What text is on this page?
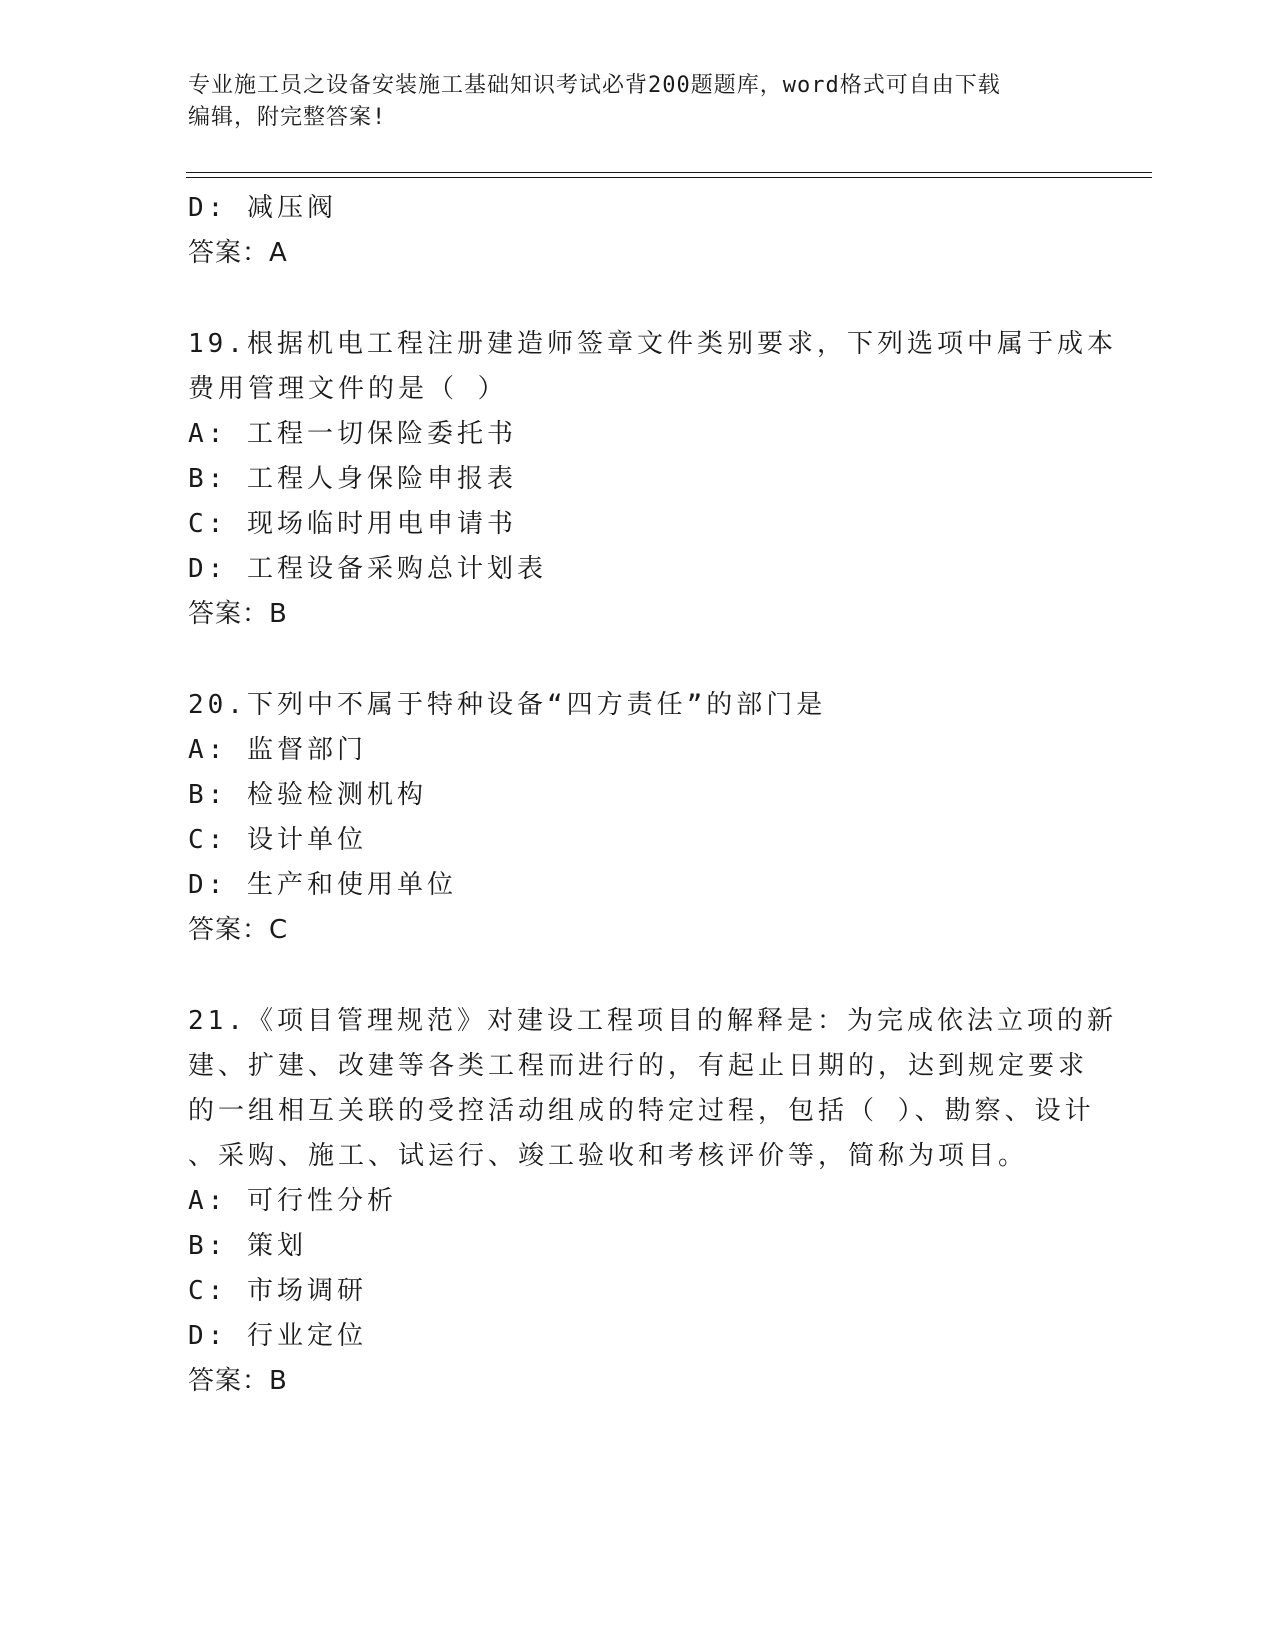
专业施工员之设备安装施工基础知识考试必背200题题库，word格式可自由下载
编辑，附完整答案!
D: 减压阀
答案：A
19.根据机电工程注册建造师签章文件类别要求，下列选项中属于成本
费用管理文件的是（ ）
A: 工程一切保险委托书
B: 工程人身保险申报表
C: 现场临时用电申请书
D: 工程设备采购总计划表
答案：B
20.下列中不属于特种设备“四方责任”的部门是
A: 监督部门
B: 检验检测机构
C: 设计单位
D: 生产和使用单位
答案：C
21.《项目管理规范》对建设工程项目的解释是：为完成依法立项的新
建、扩建、改建等各类工程而进行的，有起止日期的，达到规定要求
的一组相互关联的受控活动组成的特定过程，包括（ ）、勘察、设计
、采购、施工、试运行、竣工验收和考核评价等，简称为项目。
A: 可行性分析
B: 策划
C: 市场调研
D: 行业定位
答案：B
